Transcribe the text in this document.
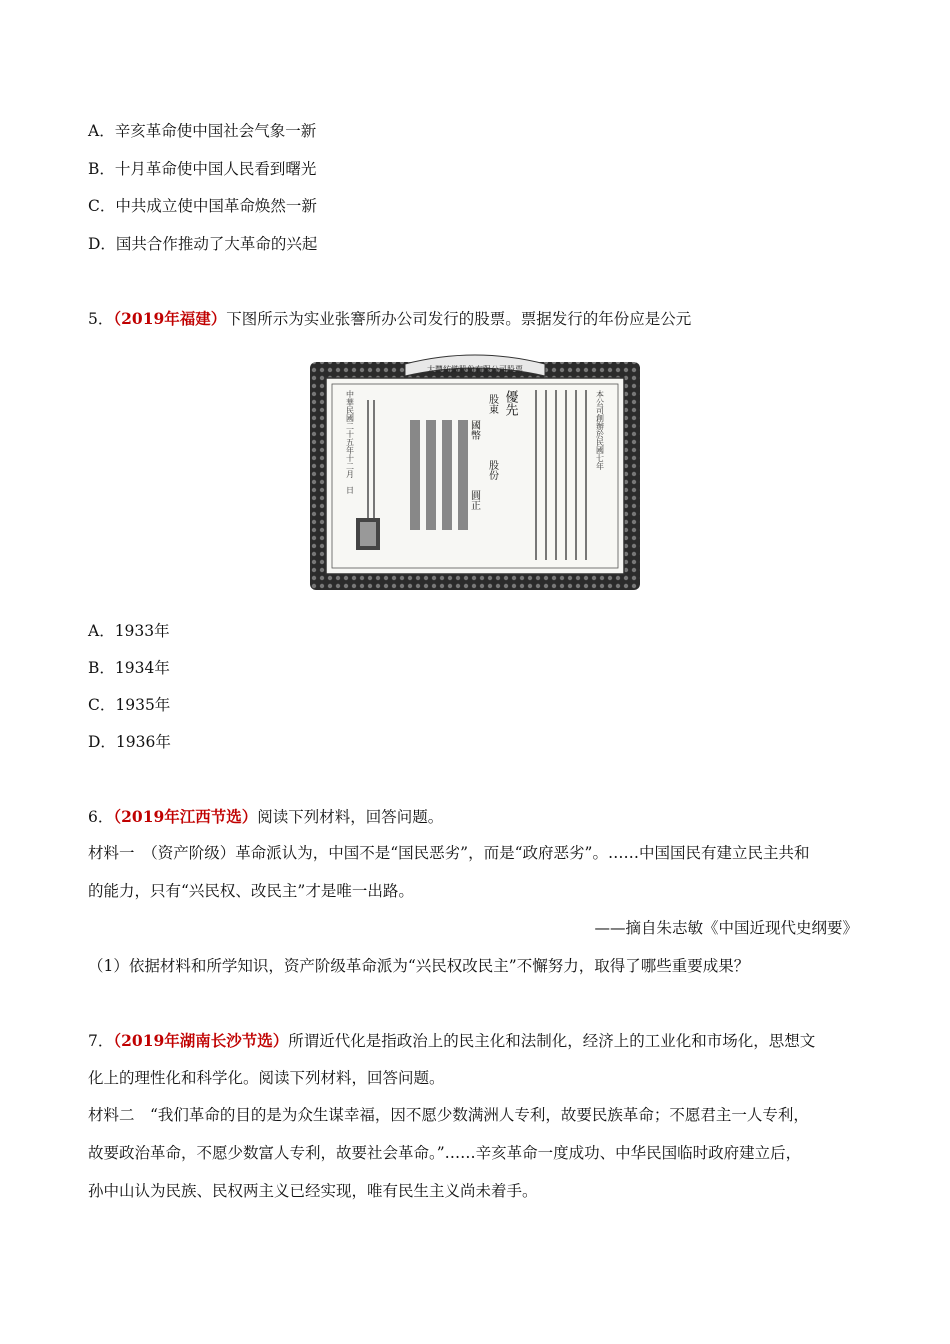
A．辛亥革命使中国社会气象一新
B．十月革命使中国人民看到曙光
C．中共成立使中国革命焕然一新
D．国共合作推动了大革命的兴起
5．（2019年福建）下图所示为实业张謇所办公司发行的股票。票据发行的年份应是公元
大豐紡織股份有限公司股票
本公司創辦於民國七年
中華民國二十五年十二月　日	優先
股東
股份
國幣
圓正
A．1933年
B．1934年
C．1935年
D．1936年
6．（2019年江西节选）阅读下列材料，回答问题。
材料一　（资产阶级）革命派认为，中国不是“国民恶劣”，而是“政府恶劣”。……中国国民有建立民主共和
的能力，只有“兴民权、改民主”才是唯一出路。
——摘自朱志敏《中国近现代史纲要》
（1）依据材料和所学知识，资产阶级革命派为“兴民权改民主”不懈努力，取得了哪些重要成果？
7．（2019年湖南长沙节选）所谓近代化是指政治上的民主化和法制化，经济上的工业化和市场化，思想文
化上的理性化和科学化。阅读下列材料，回答问题。
材料二　“我们革命的目的是为众生谋幸福，因不愿少数满洲人专利，故要民族革命；不愿君主一人专利，
故要政治革命，不愿少数富人专利，故要社会革命。”……辛亥革命一度成功、中华民国临时政府建立后，
孙中山认为民族、民权两主义已经实现，唯有民生主义尚未着手。
